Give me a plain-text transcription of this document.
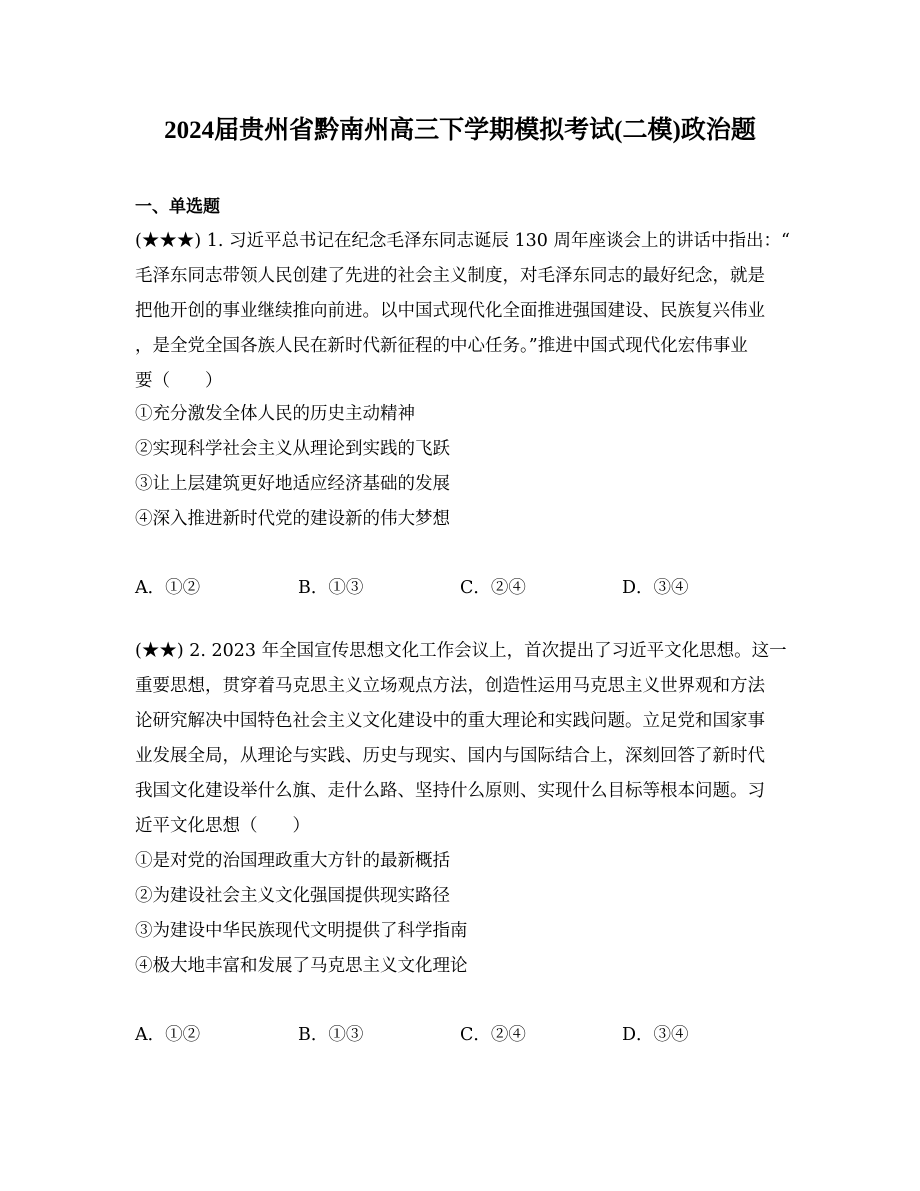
2024届贵州省黔南州高三下学期模拟考试(二模)政治题
一、单选题
(★★★) 1. 习近平总书记在纪念毛泽东同志诞辰 130 周年座谈会上的讲话中指出：“
毛泽东同志带领人民创建了先进的社会主义制度，对毛泽东同志的最好纪念，就是
把他开创的事业继续推向前进。以中国式现代化全面推进强国建设、民族复兴伟业
，是全党全国各族人民在新时代新征程的中心任务。”推进中国式现代化宏伟事业
要（　　）
①充分激发全体人民的历史主动精神
②实现科学社会主义从理论到实践的飞跃
③让上层建筑更好地适应经济基础的发展
④深入推进新时代党的建设新的伟大梦想
A．①②	B．①③	C．②④	D．③④
(★★) 2. 2023 年全国宣传思想文化工作会议上，首次提出了习近平文化思想。这一
重要思想，贯穿着马克思主义立场观点方法，创造性运用马克思主义世界观和方法
论研究解决中国特色社会主义文化建设中的重大理论和实践问题。立足党和国家事
业发展全局，从理论与实践、历史与现实、国内与国际结合上，深刻回答了新时代
我国文化建设举什么旗、走什么路、坚持什么原则、实现什么目标等根本问题。习
近平文化思想（　　）
①是对党的治国理政重大方针的最新概括
②为建设社会主义文化强国提供现实路径
③为建设中华民族现代文明提供了科学指南
④极大地丰富和发展了马克思主义文化理论
A．①②	B．①③	C．②④	D．③④
